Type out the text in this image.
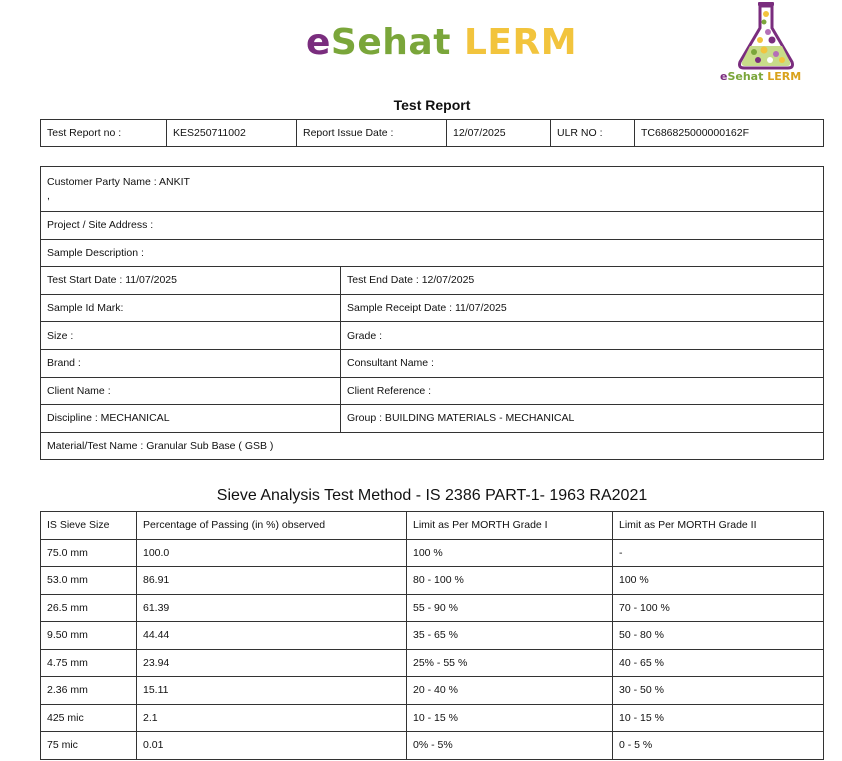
eSehat LERM
eSehat LERM
Test Report
Test Report no :	KES250711002	Report Issue Date :	12/07/2025	ULR NO :	TC686825000000162F
Customer Party Name : ANKIT
,	

Project / Site Address :	
Sample Description :	
Test Start Date : 11/07/2025	Test End Date : 12/07/2025
Sample Id Mark:	Sample Receipt Date : 11/07/2025
Size :	Grade :
Brand :	Consultant Name :
Client Name :	Client Reference :
Discipline : MECHANICAL	Group : BUILDING MATERIALS - MECHANICAL
Material/Test Name : Granular Sub Base ( GSB )	
Sieve Analysis Test Method - IS 2386 PART-1- 1963 RA2021
IS Sieve Size	Percentage of Passing (in %) observed	Limit as Per MORTH Grade I	Limit as Per MORTH Grade II
75.0 mm	100.0	100 %	-
53.0 mm	86.91	80 - 100 %	100 %
26.5 mm	61.39	55 - 90 %	70 - 100 %
9.50 mm	44.44	35 - 65 %	50 - 80 %
4.75 mm	23.94	25% - 55 %	40 - 65 %
2.36 mm	15.11	20 - 40 %	30 - 50 %
425 mic	2.1	10 - 15 %	10 - 15 %
75 mic	0.01	0% - 5%	0 - 5 %
